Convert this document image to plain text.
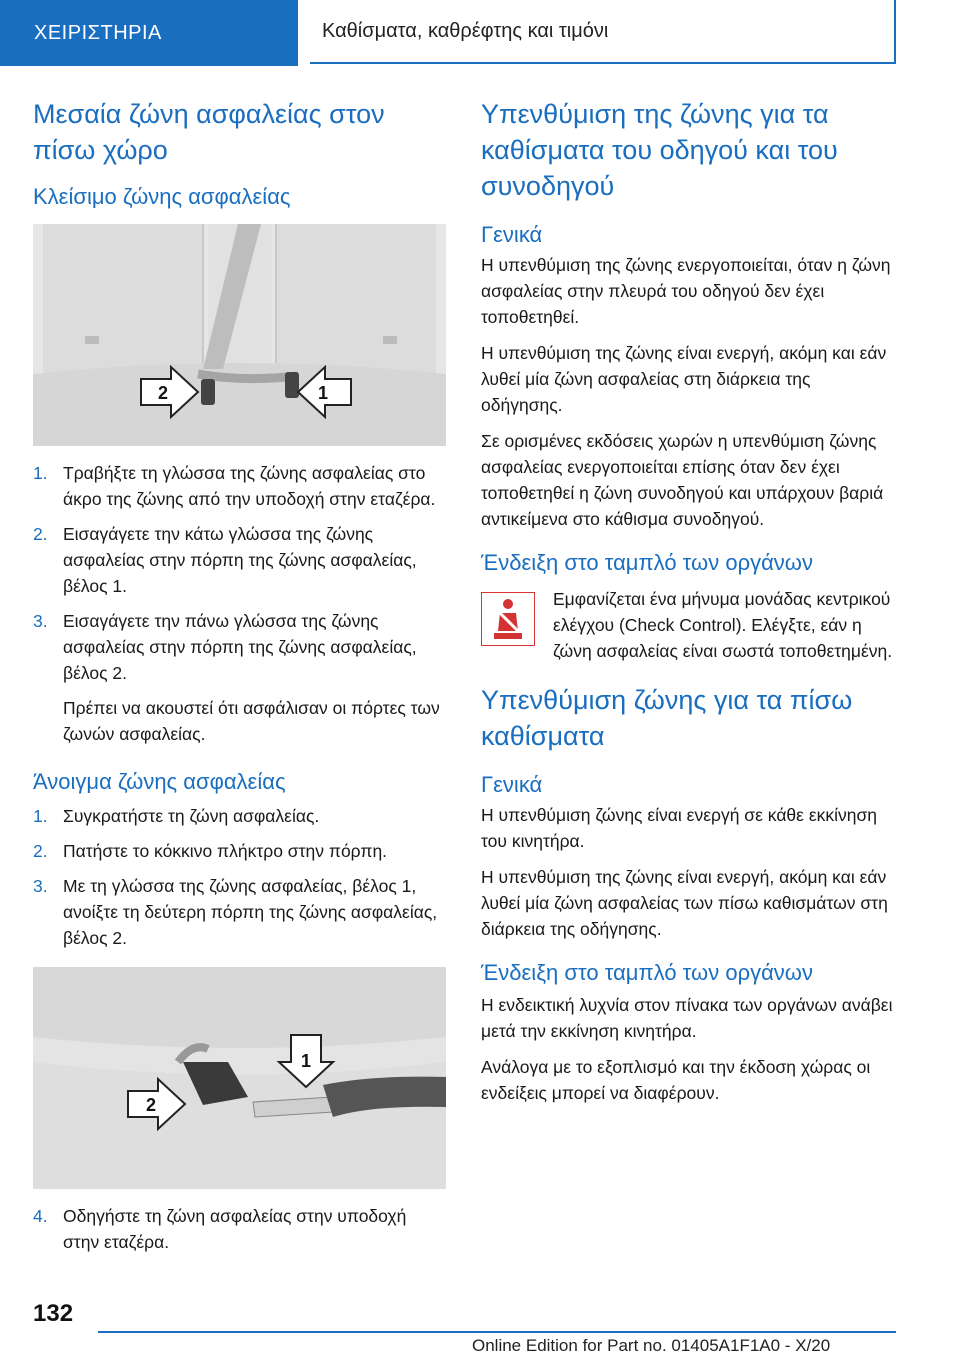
ΧΕΙΡΙΣΤΗΡΙΑ	Καθίσματα, καθρέφτης και τιμόνι
Μεσαία ζώνη ασφαλείας στον πίσω χώρο
Κλείσιμο ζώνης ασφαλείας
2	1
1. Τραβήξτε τη γλώσσα της ζώνης ασφαλείας στο άκρο της ζώνης από την υποδοχή στην εταζέρα.
2. Εισαγάγετε την κάτω γλώσσα της ζώνης ασφαλείας στην πόρπη της ζώνης ασφαλείας, βέλος 1.
3. Εισαγάγετε την πάνω γλώσσα της ζώνης ασφαλείας στην πόρπη της ζώνης ασφαλείας, βέλος 2.

Πρέπει να ακουστεί ότι ασφάλισαν οι πόρτες των ζωνών ασφαλείας.

Άνοιγμα ζώνης ασφαλείας
1. Συγκρατήστε τη ζώνη ασφαλείας.
2. Πατήστε το κόκκινο πλήκτρο στην πόρπη.
3. Με τη γλώσσα της ζώνης ασφαλείας, βέλος 1, ανοίξτε τη δεύτερη πόρπη της ζώνης ασφαλείας, βέλος 2.
2
1
4. Οδηγήστε τη ζώνη ασφαλείας στην υποδοχή στην εταζέρα.
Υπενθύμιση της ζώνης για τα καθίσματα του οδηγού και του συνοδηγού
Γενικά

Η υπενθύμιση της ζώνης ενεργοποιείται, όταν η ζώνη ασφαλείας στην πλευρά του οδηγού δεν έχει τοποθετηθεί.

Η υπενθύμιση της ζώνης είναι ενεργή, ακόμη και εάν λυθεί μία ζώνη ασφαλείας στη διάρκεια της οδήγησης.

Σε ορισμένες εκδόσεις χωρών η υπενθύμιση ζώνης ασφαλείας ενεργοποιείται επίσης όταν δεν έχει τοποθετηθεί η ζώνη συνοδηγού και υπάρχουν βαριά αντικείμενα στο κάθισμα συνοδηγού.

Ένδειξη στο ταμπλό των οργάνων

Εμφανίζεται ένα μήνυμα μονάδας κεντρικού ελέγχου (Check Control). Ελέγξτε, εάν η ζώνη ασφαλείας είναι σωστά τοποθετημένη.

Υπενθύμιση ζώνης για τα πίσω καθίσματα
Γενικά

Η υπενθύμιση ζώνης είναι ενεργή σε κάθε εκκίνηση του κινητήρα.

Η υπενθύμιση της ζώνης είναι ενεργή, ακόμη και εάν λυθεί μία ζώνη ασφαλείας των πίσω καθισμάτων στη διάρκεια της οδήγησης.

Ένδειξη στο ταμπλό των οργάνων

Η ενδεικτική λυχνία στον πίνακα των οργάνων ανάβει μετά την εκκίνηση κινητήρα.

Ανάλογα με το εξοπλισμό και την έκδοση χώρας οι ενδείξεις μπορεί να διαφέρουν.

132
Online Edition for Part no. 01405A1F1A0 - X/20
